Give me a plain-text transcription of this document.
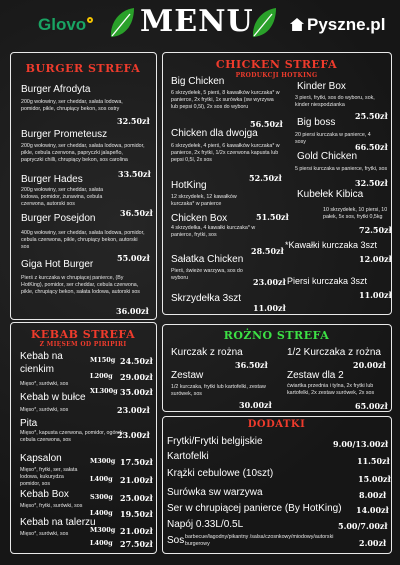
Glovo MENU	Pyszne.pl
BURGER STREFA
Burger Afrodyta
200g wołowiny, ser cheddar, sałata lodowa, pomidor, pikle, chrupiący bekon, sos ostry
32.50zł
Burger Prometeusz
200g wołowiny, ser cheddar, sałata lodowa, pomidor, pikle, cebula czerwona, papryczki jalapeño, papryczki chilli, chrupiący bekon, sos carolina
33.50zł
Burger Hades
200g wołowiny, ser cheddar, sałata lodowa, pomidor, żurawina, cebula czerwona, autorski sos
36.50zł
Burger Posejdon
400g wołowiny, ser cheddar, sałata lodowa, pomidor, cebula czerwona, pikle, chrupiący bekon, autorski sos
55.00zł
Giga Hot Burger
Pierś z kurczaka w chrupiącej panierce, (By HotKing), pomidor, ser cheddar, cebula czerwona, pikle, chrupiący bekon, sałata lodowa, autorski sos
36.00zł
CHICKEN STREFA
PRODUKCJI HOTKING
Big Chicken
6 skrzydełek, 5 pierś, 8 kawałków kurczaka* w panierce, 2x frytki, 1x surówka (sw wyrzywa lub pepsi 0,5l), 2x sos do wyboru
56.50zł
Chicken dla dwojga
6 skrzydełek, 4 pierś, 6 kawałków kurczaka* w panierce, 2x frytki, 1/2x czerwona kapusta lub pepsi 0,5l, 2x sos
52.50zł
HotKing
12 skrzydełek, 12 kawałków kurczaka* w panierce
51.50zł
Chicken Box
4 skrzydełka, 4 kawałki kurczaka* w panierce, frytki, sos
28.50zł
Sałatka Chicken
Pierś, świeże warzywa, sos do wyboru	23.00zł
Skrzydełka 3szt
11.00zł
Kinder Box
3 pierś, frytki, sos do wyboru, sok, kinder niespodzianka
25.50zł
Big boss
20 piersi kurczaka w panierce, 4 sosy	66.50zł
Gold Chicken
5 piersi kurczaka w panierce, frytki, sos
32.50zł
Kubełek Kibica
10 skrzydełek, 10 piersi, 10 pałek, 5x sos, frytki 0,5kg
72.50zł
*Kawałki kurczaka 3szt
12.00zł
Piersi kurczaka 3szt
11.00zł
KEBAB STREFA
Z MIĘSEM OD PIRIPIRI
Kebab na cienkim
Mięso*, surówki, sos
M150g 24.50zł
L200g 29.00zł
XL300g 35.00zł
Kebab w bułce
Mięso*, surówki, sos	23.00zł
Pita
Mięso*, kapusta czerwona, pomidor, ogórek, cebula czerwona, sos	23.00zł
Kapsalon
Mięso*, frytki, ser, sałata lodowa, kukurydza pomidor, sos
M300g 17.50zł
L400g 21.00zł
Kebab Box
Mięso*, frytki, surówki, sos
S300g 25.00zł
L400g 19.50zł
Kebab na talerzu
Mięso*, surówki, sos	M300g 21.00zł
L400g 27.50zł
ROŻNO STREFA
Kurczak z rożna
36.50zł
1/2 Kurczaka z rożna
20.00zł
Zestaw
1/2 kurczaka, frytki lub kartofelki, zestaw surówek, sos
30.00zł
Zestaw dla 2
ćwiartka przednia i tylna, 2x frytki lub kartofelki, 2x zestaw surówek, 2x sos
65.00zł
DODATKI
Frytki/Frytki belgijskie	9.00/13.00zł
Kartofelki	11.50zł
Krążki cebulowe (10szt)	15.00zł
Surówka sw warzywa	8.00zł
Ser w chrupiącej panierce (By HotKing) 14.00zł
Napój 0.33L/0.5L	5.00/7.00zł
Sos barbecue/łagodny/pikantny /salsa/czosnkowy/miodowy/autorski burgerowy	2.00zł
